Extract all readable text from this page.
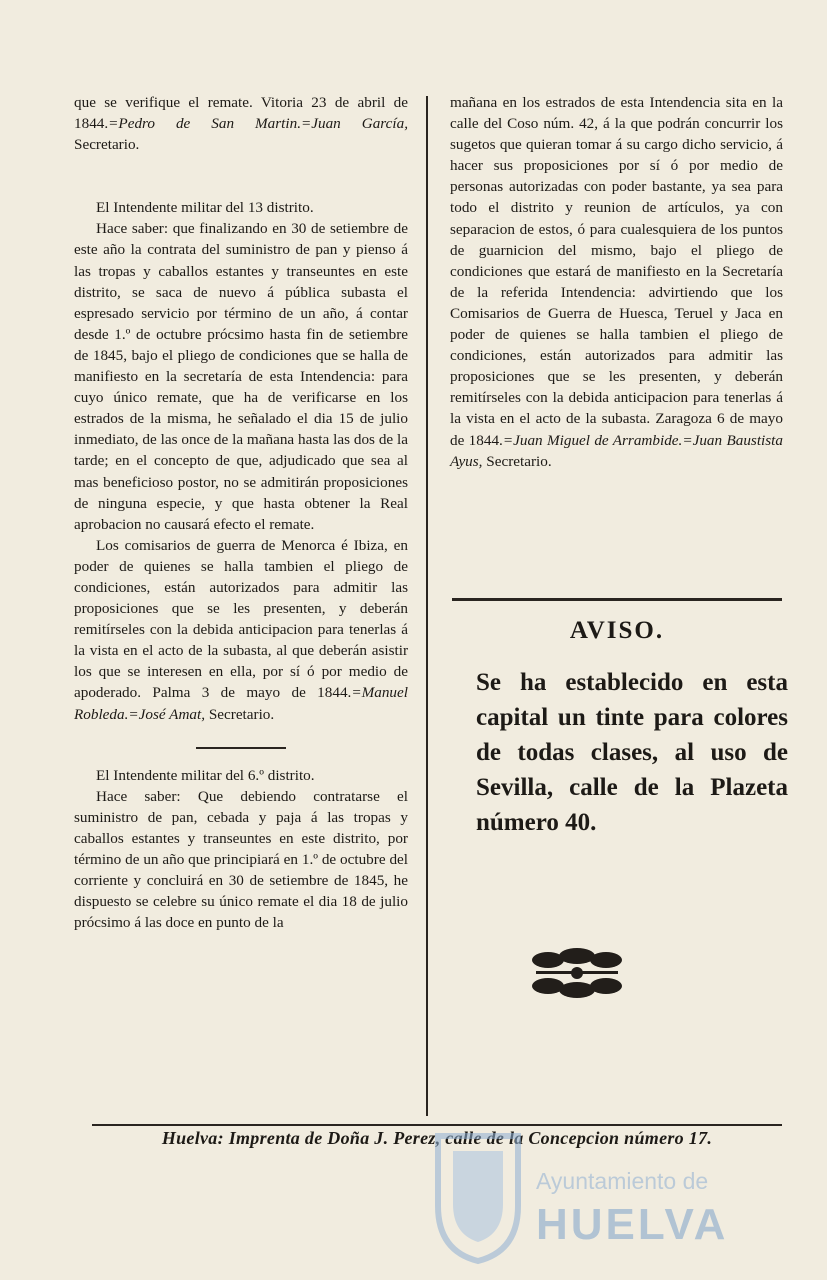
que se verifique el remate. Vitoria 23 de abril de 1844.=Pedro de San Martin.=Juan García, Secretario.

El Intendente militar del 13 distrito.

Hace saber: que finalizando en 30 de setiembre de este año la contrata del suministro de pan y pienso á las tropas y caballos estantes y transeuntes en este distrito, se saca de nuevo á pública subasta el espresado servicio por término de un año, á contar desde 1.º de octubre prócsimo hasta fin de setiembre de 1845, bajo el pliego de condiciones que se halla de manifiesto en la secretaría de esta Intendencia: para cuyo único remate, que ha de verificarse en los estrados de la misma, he señalado el dia 15 de julio inmediato, de las once de la mañana hasta las dos de la tarde; en el concepto de que, adjudicado que sea al mas beneficioso postor, no se admitirán proposiciones de ninguna especie, y que hasta obtener la Real aprobacion no causará efecto el remate.

Los comisarios de guerra de Menorca é Ibiza, en poder de quienes se halla tambien el pliego de condiciones, están autorizados para admitir las proposiciones que se les presenten, y deberán remitírseles con la debida anticipacion para tenerlas á la vista en el acto de la subasta, al que deberán asistir los que se interesen en ella, por sí ó por medio de apoderado. Palma 3 de mayo de 1844.=Manuel Robleda.=José Amat, Secretario.

El Intendente militar del 6.º distrito.

Hace saber: Que debiendo contratarse el suministro de pan, cebada y paja á las tropas y caballos estantes y transeuntes en este distrito, por término de un año que principiará en 1.º de octubre del corriente y concluirá en 30 de setiembre de 1845, he dispuesto se celebre su único remate el dia 18 de julio prócsimo á las doce en punto de la

mañana en los estrados de esta Intendencia sita en la calle del Coso núm. 42, á la que podrán concurrir los sugetos que quieran tomar á su cargo dicho servicio, á hacer sus proposiciones por sí ó por medio de personas autorizadas con poder bastante, ya sea para todo el distrito y reunion de artículos, ya con separacion de estos, ó para cualesquiera de los puntos de guarnicion del mismo, bajo el pliego de condiciones que estará de manifiesto en la Secretaría de la referida Intendencia: advirtiendo que los Comisarios de Guerra de Huesca, Teruel y Jaca en poder de quienes se halla tambien el pliego de condiciones, están autorizados para admitir las proposiciones que se les presenten, y deberán remitírseles con la debida anticipacion para tenerlas á la vista en el acto de la subasta. Zaragoza 6 de mayo de 1844.=Juan Miguel de Arrambide.=Juan Baustista Ayus, Secretario.

AVISO.
Se ha establecido en esta capital un tinte para colores de todas clases, al uso de Sevilla, calle de la Plazeta número 40.
Huelva: Imprenta de Doña J. Perez, calle de la Concepcion número 17.
Ayuntamiento de
HUELVA
